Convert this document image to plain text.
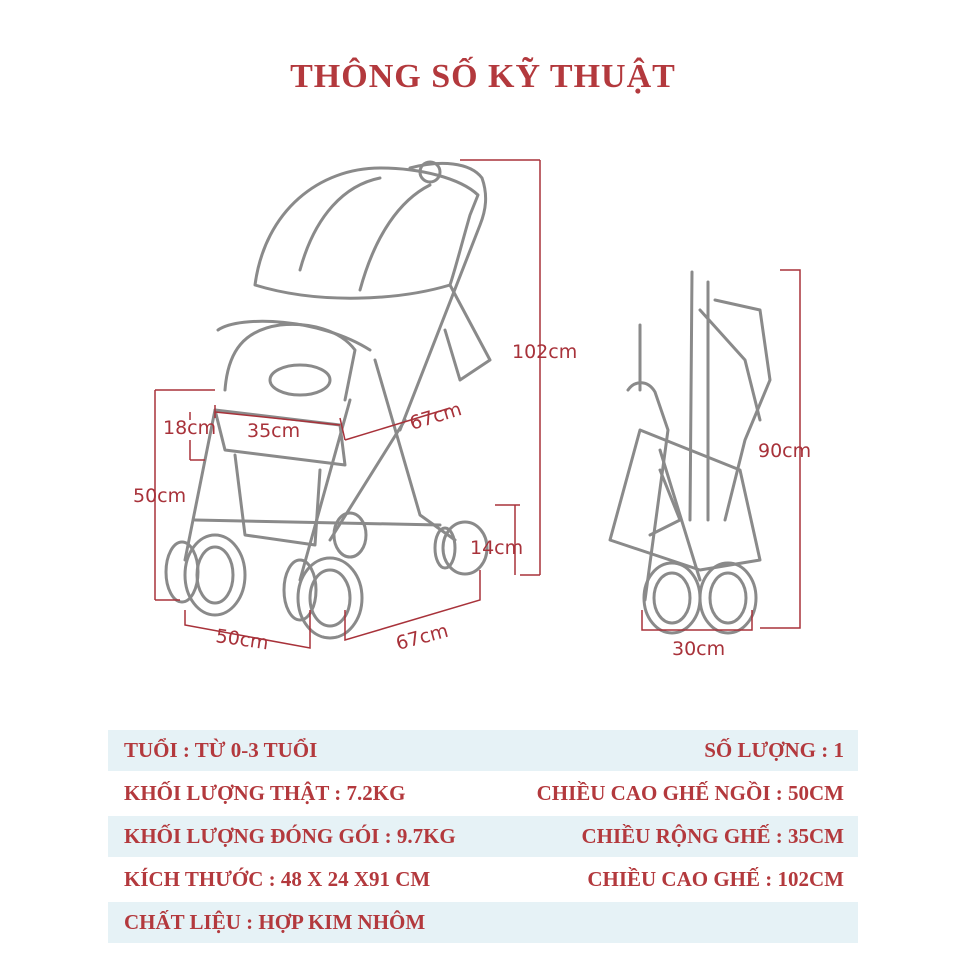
THÔNG SỐ KỸ THUẬT
102cm
67cm
35cm
18cm
50cm
50cm	67cm
14cm
90cm
30cm
TUỔI : TỪ 0-3 TUỔI	SỐ LƯỢNG : 1
KHỐI LƯỢNG THẬT : 7.2KG	CHIỀU CAO GHẾ NGỒI : 50CM
KHỐI LƯỢNG ĐÓNG GÓI : 9.7KG	CHIỀU RỘNG GHẾ : 35CM
KÍCH THƯỚC : 48 X 24 X91 CM	CHIỀU CAO GHẾ : 102CM
CHẤT LIỆU : HỢP KIM NHÔM
